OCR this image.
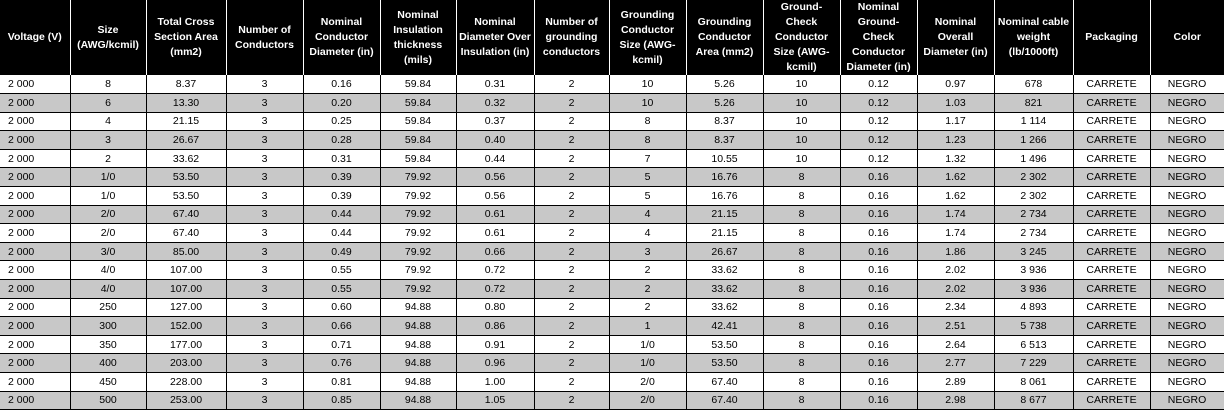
Voltage (V)	Size (AWG/kcmil)	Total Cross Section Area (mm2)	Number of Conductors	Nominal Conductor Diameter (in)	Nominal Insulation thickness (mils)	Nominal Diameter Over Insulation (in)	Number of grounding conductors	Grounding Conductor Size (AWG-kcmil)	Grounding Conductor Area (mm2)	Ground-Check Conductor Size (AWG-kcmil)	Nominal Ground-Check Conductor Diameter (in)	Nominal Overall Diameter (in)	Nominal cable weight (lb/1000ft)	Packaging	Color
2 000	8	8.37	3	0.16	59.84	0.31	2	10	5.26	10	0.12	0.97	678	CARRETE	NEGRO
2 000	6	13.30	3	0.20	59.84	0.32	2	10	5.26	10	0.12	1.03	821	CARRETE	NEGRO
2 000	4	21.15	3	0.25	59.84	0.37	2	8	8.37	10	0.12	1.17	1 114	CARRETE	NEGRO
2 000	3	26.67	3	0.28	59.84	0.40	2	8	8.37	10	0.12	1.23	1 266	CARRETE	NEGRO
2 000	2	33.62	3	0.31	59.84	0.44	2	7	10.55	10	0.12	1.32	1 496	CARRETE	NEGRO
2 000	1/0	53.50	3	0.39	79.92	0.56	2	5	16.76	8	0.16	1.62	2 302	CARRETE	NEGRO
2 000	1/0	53.50	3	0.39	79.92	0.56	2	5	16.76	8	0.16	1.62	2 302	CARRETE	NEGRO
2 000	2/0	67.40	3	0.44	79.92	0.61	2	4	21.15	8	0.16	1.74	2 734	CARRETE	NEGRO
2 000	2/0	67.40	3	0.44	79.92	0.61	2	4	21.15	8	0.16	1.74	2 734	CARRETE	NEGRO
2 000	3/0	85.00	3	0.49	79.92	0.66	2	3	26.67	8	0.16	1.86	3 245	CARRETE	NEGRO
2 000	4/0	107.00	3	0.55	79.92	0.72	2	2	33.62	8	0.16	2.02	3 936	CARRETE	NEGRO
2 000	4/0	107.00	3	0.55	79.92	0.72	2	2	33.62	8	0.16	2.02	3 936	CARRETE	NEGRO
2 000	250	127.00	3	0.60	94.88	0.80	2	2	33.62	8	0.16	2.34	4 893	CARRETE	NEGRO
2 000	300	152.00	3	0.66	94.88	0.86	2	1	42.41	8	0.16	2.51	5 738	CARRETE	NEGRO
2 000	350	177.00	3	0.71	94.88	0.91	2	1/0	53.50	8	0.16	2.64	6 513	CARRETE	NEGRO
2 000	400	203.00	3	0.76	94.88	0.96	2	1/0	53.50	8	0.16	2.77	7 229	CARRETE	NEGRO
2 000	450	228.00	3	0.81	94.88	1.00	2	2/0	67.40	8	0.16	2.89	8 061	CARRETE	NEGRO
2 000	500	253.00	3	0.85	94.88	1.05	2	2/0	67.40	8	0.16	2.98	8 677	CARRETE	NEGRO
